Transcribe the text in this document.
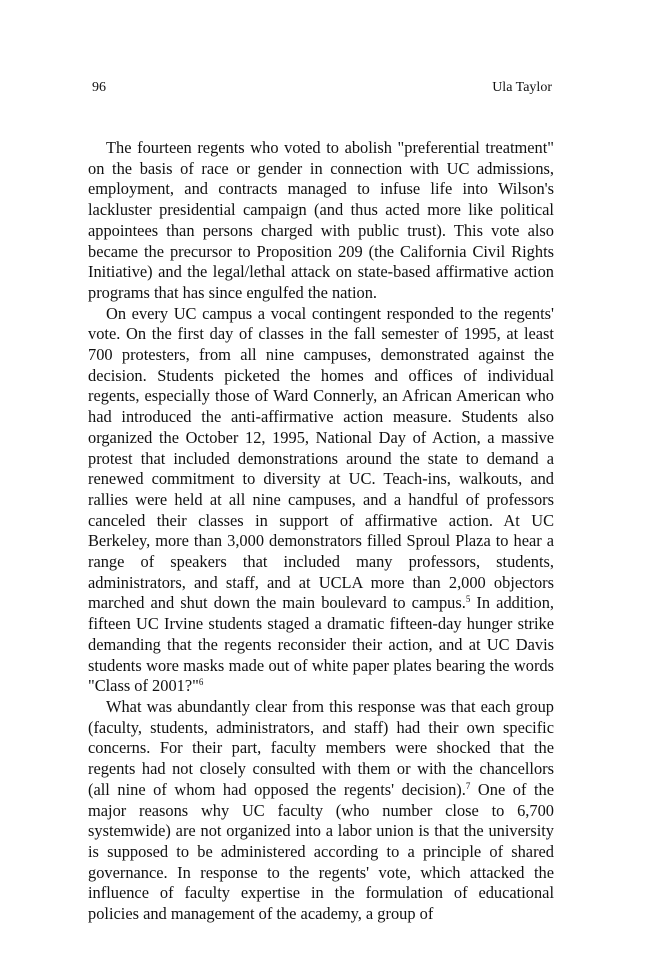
96	Ula Taylor

The fourteen regents who voted to abolish "preferential treatment" on the basis of race or gender in connection with UC admissions, employment, and contracts managed to infuse life into Wilson's lackluster presidential campaign (and thus acted more like political appointees than persons charged with public trust). This vote also became the precursor to Proposition 209 (the California Civil Rights Initiative) and the legal/lethal attack on state-based affirmative action programs that has since engulfed the nation.

On every UC campus a vocal contingent responded to the regents' vote. On the first day of classes in the fall semester of 1995, at least 700 protesters, from all nine campuses, demonstrated against the decision. Students picketed the homes and offices of individual regents, especially those of Ward Connerly, an African American who had introduced the anti-affirmative action measure. Students also organized the October 12, 1995, National Day of Action, a massive protest that included demonstrations around the state to demand a renewed commitment to diversity at UC. Teach-ins, walkouts, and rallies were held at all nine campuses, and a handful of professors canceled their classes in support of affirmative action. At UC Berkeley, more than 3,000 demonstrators filled Sproul Plaza to hear a range of speakers that included many professors, students, administrators, and staff, and at UCLA more than 2,000 objectors marched and shut down the main boulevard to campus.$^5$ In addition, fifteen UC Irvine students staged a dramatic fifteen-day hunger strike demanding that the regents reconsider their action, and at UC Davis students wore masks made out of white paper plates bearing the words "Class of 2001?"$^6$

What was abundantly clear from this response was that each group (faculty, students, administrators, and staff) had their own specific concerns. For their part, faculty members were shocked that the regents had not closely consulted with them or with the chancellors (all nine of whom had opposed the regents' decision).$^7$ One of the major reasons why UC faculty (who number close to 6,700 systemwide) are not organized into a labor union is that the university is supposed to be administered according to a principle of shared governance. In response to the regents' vote, which attacked the influence of faculty expertise in the formulation of educational policies and management of the academy, a group of
